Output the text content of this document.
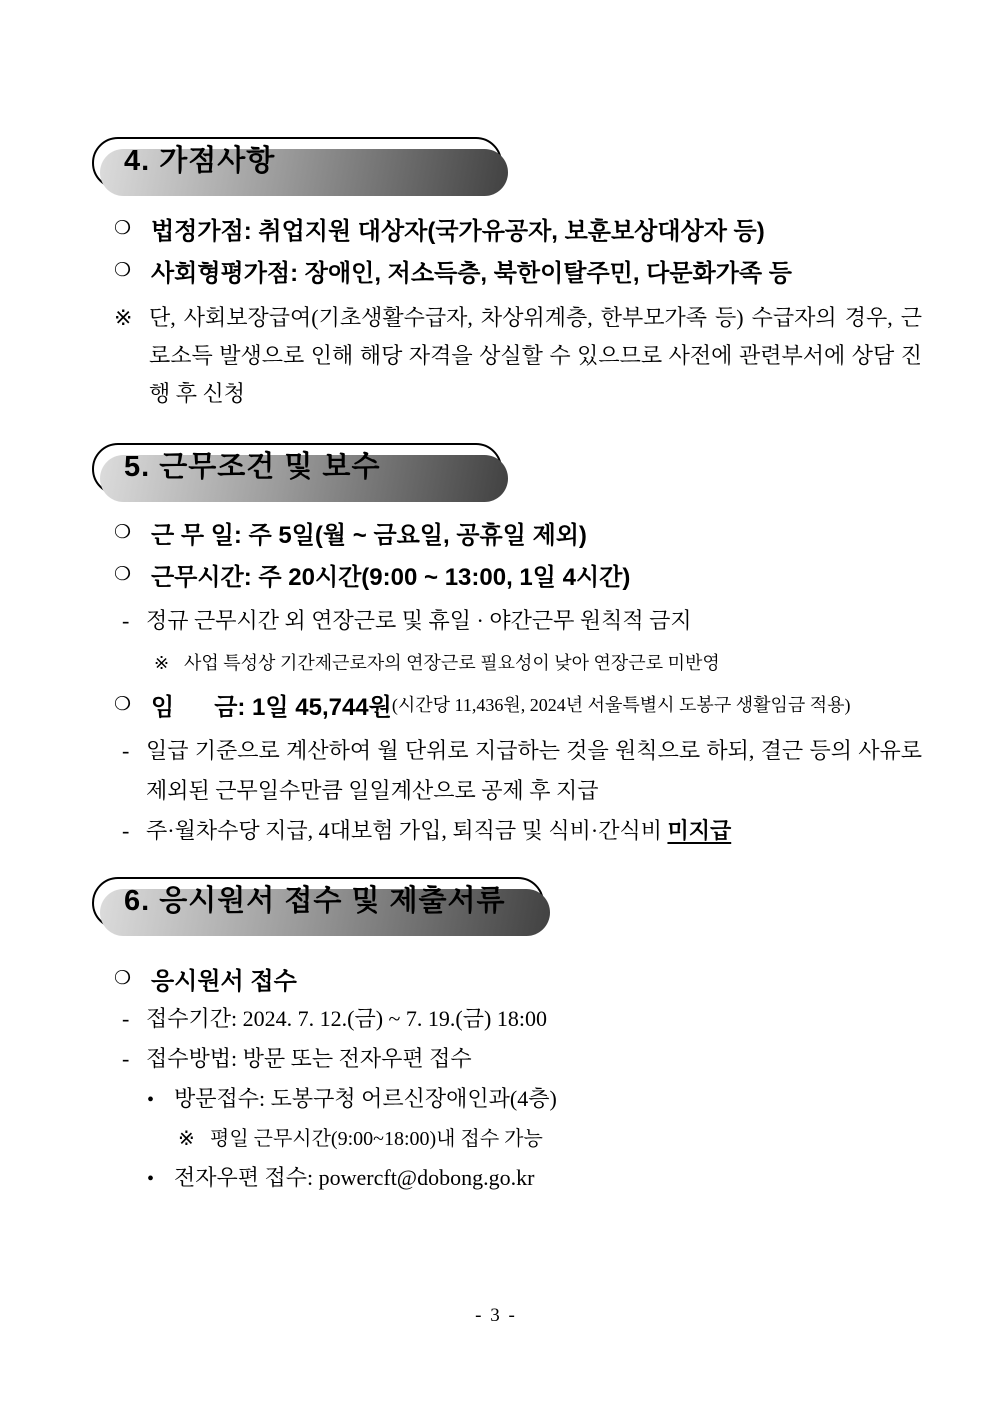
4. 가점사항
❍ 법정가점: 취업지원 대상자(국가유공자, 보훈보상대상자 등)
❍ 사회형평가점: 장애인, 저소득층, 북한이탈주민, 다문화가족 등
※ 단, 사회보장급여(기초생활수급자, 차상위계층, 한부모가족 등) 수급자의 경우, 근로소득 발생으로 인해 해당 자격을 상실할 수 있으므로 사전에 관련부서에 상담 진행 후 신청
5. 근무조건 및 보수
❍ 근 무 일: 주 5일(월 ~ 금요일, 공휴일 제외)
❍ 근무시간: 주 20시간(9:00 ~ 13:00, 1일 4시간)
- 정규 근무시간 외 연장근로 및 휴일 · 야간근무 원칙적 금지
※ 사업 특성상 기간제근로자의 연장근로 필요성이 낮아 연장근로 미반영
❍ 임      금: 1일 45,744원 (시간당 11,436원, 2024년 서울특별시 도봉구 생활임금 적용)
- 일급 기준으로 계산하여 월 단위로 지급하는 것을 원칙으로 하되, 결근 등의 사유로 제외된 근무일수만큼 일일계산으로 공제 후 지급
- 주·월차수당 지급, 4대보험 가입, 퇴직금 및 식비·간식비 미지급
6. 응시원서 접수 및 제출서류
❍ 응시원서 접수
- 접수기간: 2024. 7. 12.(금) ~ 7. 19.(금) 18:00
- 접수방법: 방문 또는 전자우편 접수
• 방문접수: 도봉구청 어르신장애인과(4층)
※ 평일 근무시간(9:00~18:00)내 접수 가능
• 전자우편 접수: powercft@dobong.go.kr
- 3 -
